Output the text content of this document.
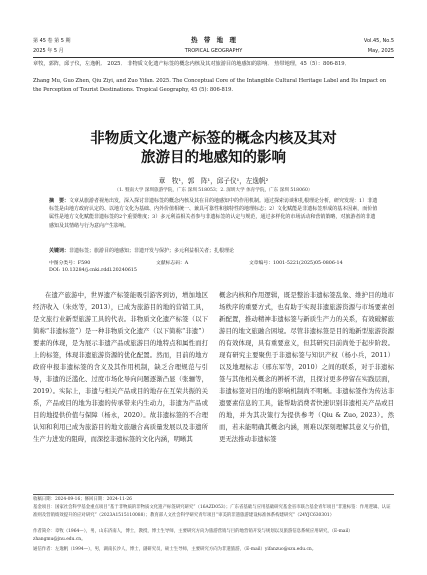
第 45 卷 第 5 期
2025 年 5 月
热　带　地　理
TROPICAL GEOGRAPHY
Vol.45, No.5
May, 2025
章牧，郭阵，邱子仪，左逸帆． 2025． 非物质文化遗产标签的概念内核及其对旅游目的地感知的影响． 热带地理，45（5）：806-819．
Zhang Mu, Guo Zhen, Qiu Ziyi, and Zuo Yifan. 2025. The Conceptual Core of the Intangible Cultural Heritage Label and Its Impact on the Perception of Tourist Destinations. Tropical Geography, 45 (5): 806-819.
非物质文化遗产标签的概念内核及其对
旅游目的地感知的影响
章　牧¹，郭　阵¹，邱子仪¹，左逸帆²
（1. 暨南大学 深圳旅游学院，广东 深圳 518053；2. 深圳大学 体育学院，广东 深圳 518060）
摘　要：文章从旅游者视角出发，深入探讨非遗标签的概念内核及其在目的地感知中的作用机制。通过探索访谈和扎根理论分析，研究发现：1）非遗标签是由地方政府认定的、以地方文化为基础、内外价值相统一、兼具可靠性和独特性的地理标志；2）文化赋能是非遗标签形成的基本因素，而价值属性是地方文化赋能非遗标签的2个重要维度；3）多元利益相关者参与非遗标签的认定与规范，通过多样化的市场活动和营销策略，对旅游者的非遗感知及其情绪与行为意向产生影响。
关键词：非遗标签；旅游目的地感知；非遗开发与保护；多元利益相关者；扎根理论
中图分类号：F590	文献标志码：A	文章编号：1001-5221(2025)05-0806-14
DOI: 10.13284/j.cnki.rddl.20240615
在遗产旅游中，世界遗产标签能吸引游客到访，增加地区经济收入（朱竑等，2013），已成为旅游目的地的营销工具，是文旅行业新型旅游工具的代表。非物质文化遗产标签（以下简称“非遗标签”）是一种非物质文化遗产（以下简称“非遗”）要素的体现，是为展示非遗产品或旅游目的地特点和属性而打上的标签，体现非遗旅游资源的优化配置。然而，目前的地方政府申报非遗标签的含义及其作用机制，缺乏合理规范与引导，非遗的泛滥化、过度市场化导向问题逐渐凸显（张骊等，2019）。实际上，非遗与相关产品或目的地存在互荣共振的关系，产品或目的地为非遗的传承带来内生动力，非遗为产品或目的地提供价值与保障（杨永，2020）。故非遗标签的不合理认知和利用已成为旅游目的地文旅融合高质量发展以及非遗所生产力进发的阻碍，而深挖非遗标签的文化内涵，明晰其
概念内核和作用逻辑，既是整治非遗标签乱象、维护目的地市场秩序的重要方式，也有助于实现非遗旅游资源与市场要素创新配置，推动精神非遗标签与新质生产力的关系，有效破解旅游目的地文旅融合困境。尽管非遗标签是目的地新型旅游资源的有效体现，具有重要意义，但其研究目前尚处于起步阶段。现有研究主要聚焦于非遗标签与知识产权（杨小兵，2011）以及地理标志（邢东军等，2010）之间的联系，对于非遗标签与其他相关概念的辨析不清，且探讨更多停留在实践层面，非遗标签对目的地的影响机制尚不明晰。非遗标签作为传达非遗要素信息的工具，能帮助消费者快速识别非遗相关产品或目的地，并为其决策行为提供参考（Qiu & Zuo, 2023）。然而，若未能明确其概念内涵，则难以深刻理解其意义与价值，更无法推动非遗标签
收稿日期：2024-09-16；修回日期：2024-11-26
基金项目：国家社会科学基金重点项目“基于非物质的非物质文化遗产标签研究研究”（16AZD053）；广东省基础与应用基础研究基金省市联合基金青年项目“非遗标签：作用逻辑、认证准则及营销绩效提升的应对研究”（2023A1515110088）；教育部人文社会科学研究青年项目“审美的非遗旅游建设标准体系构建研究”（24YJC630301）
作者简介：章牧（1964—），男，山东济南人，博士，教授，博士生导师，主要研究方向为旅游营销与目的地营销开发与规划以及旅游信息系统应用研究，（E-mail）zhangmu@jnu.edu.cn。
通信作者：左逸帆（1994—），男，湖南长沙人，博士，副研究员，硕士生导师，主要研究方向为非遗旅游，（E-mail）yifanzuo@szu.edu.cn。
